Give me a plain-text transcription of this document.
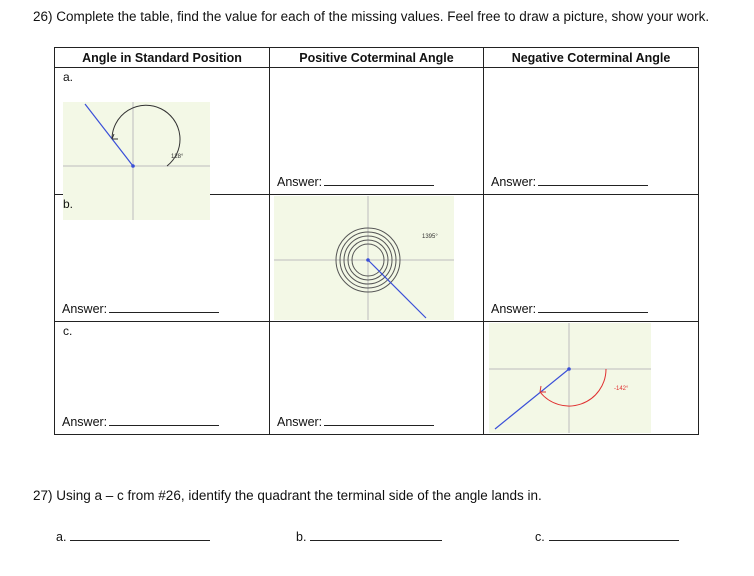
26) Complete the table, find the value for each of the missing values. Feel free to draw a picture, show your work.
Angle in Standard Position	Positive Coterminal Angle	Negative Coterminal Angle

a.
128°	Answer:	Answer:

b.
Answer:	1395°	Answer:

c.
Answer:	Answer:	-142°
27) Using a – c from #26, identify the quadrant the terminal side of the angle lands in.
a.	b.	c.
